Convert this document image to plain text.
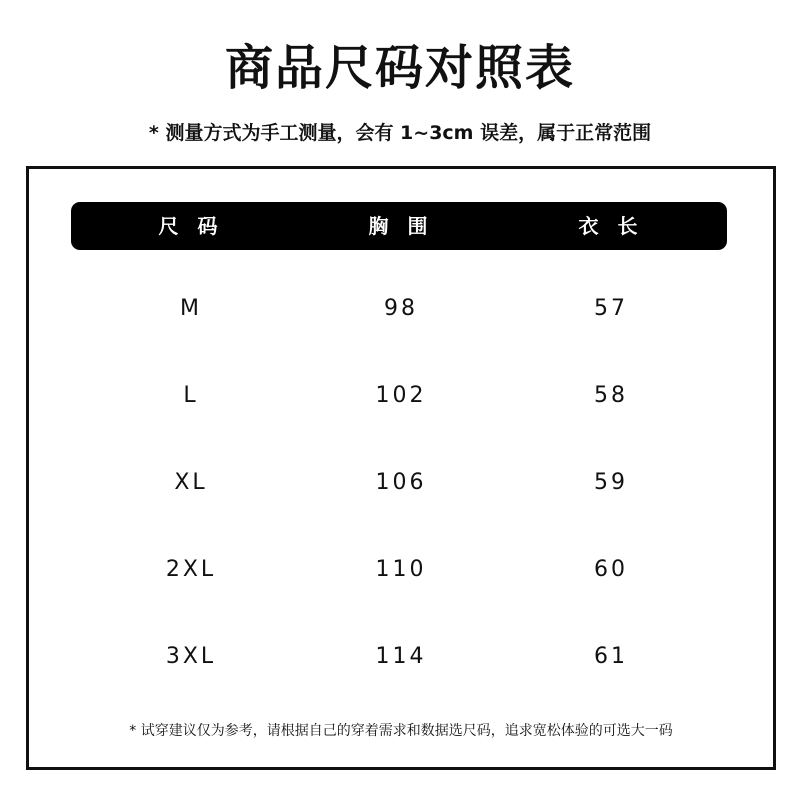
商品尺码对照表
* 测量方式为手工测量，会有 1~3cm 误差，属于正常范围
尺 码	胸 围	衣 长
M	98	57
L	102	58
XL	106	59
2XL	110	60
3XL	114	61
* 试穿建议仅为参考，请根据自己的穿着需求和数据选尺码，追求宽松体验的可选大一码
